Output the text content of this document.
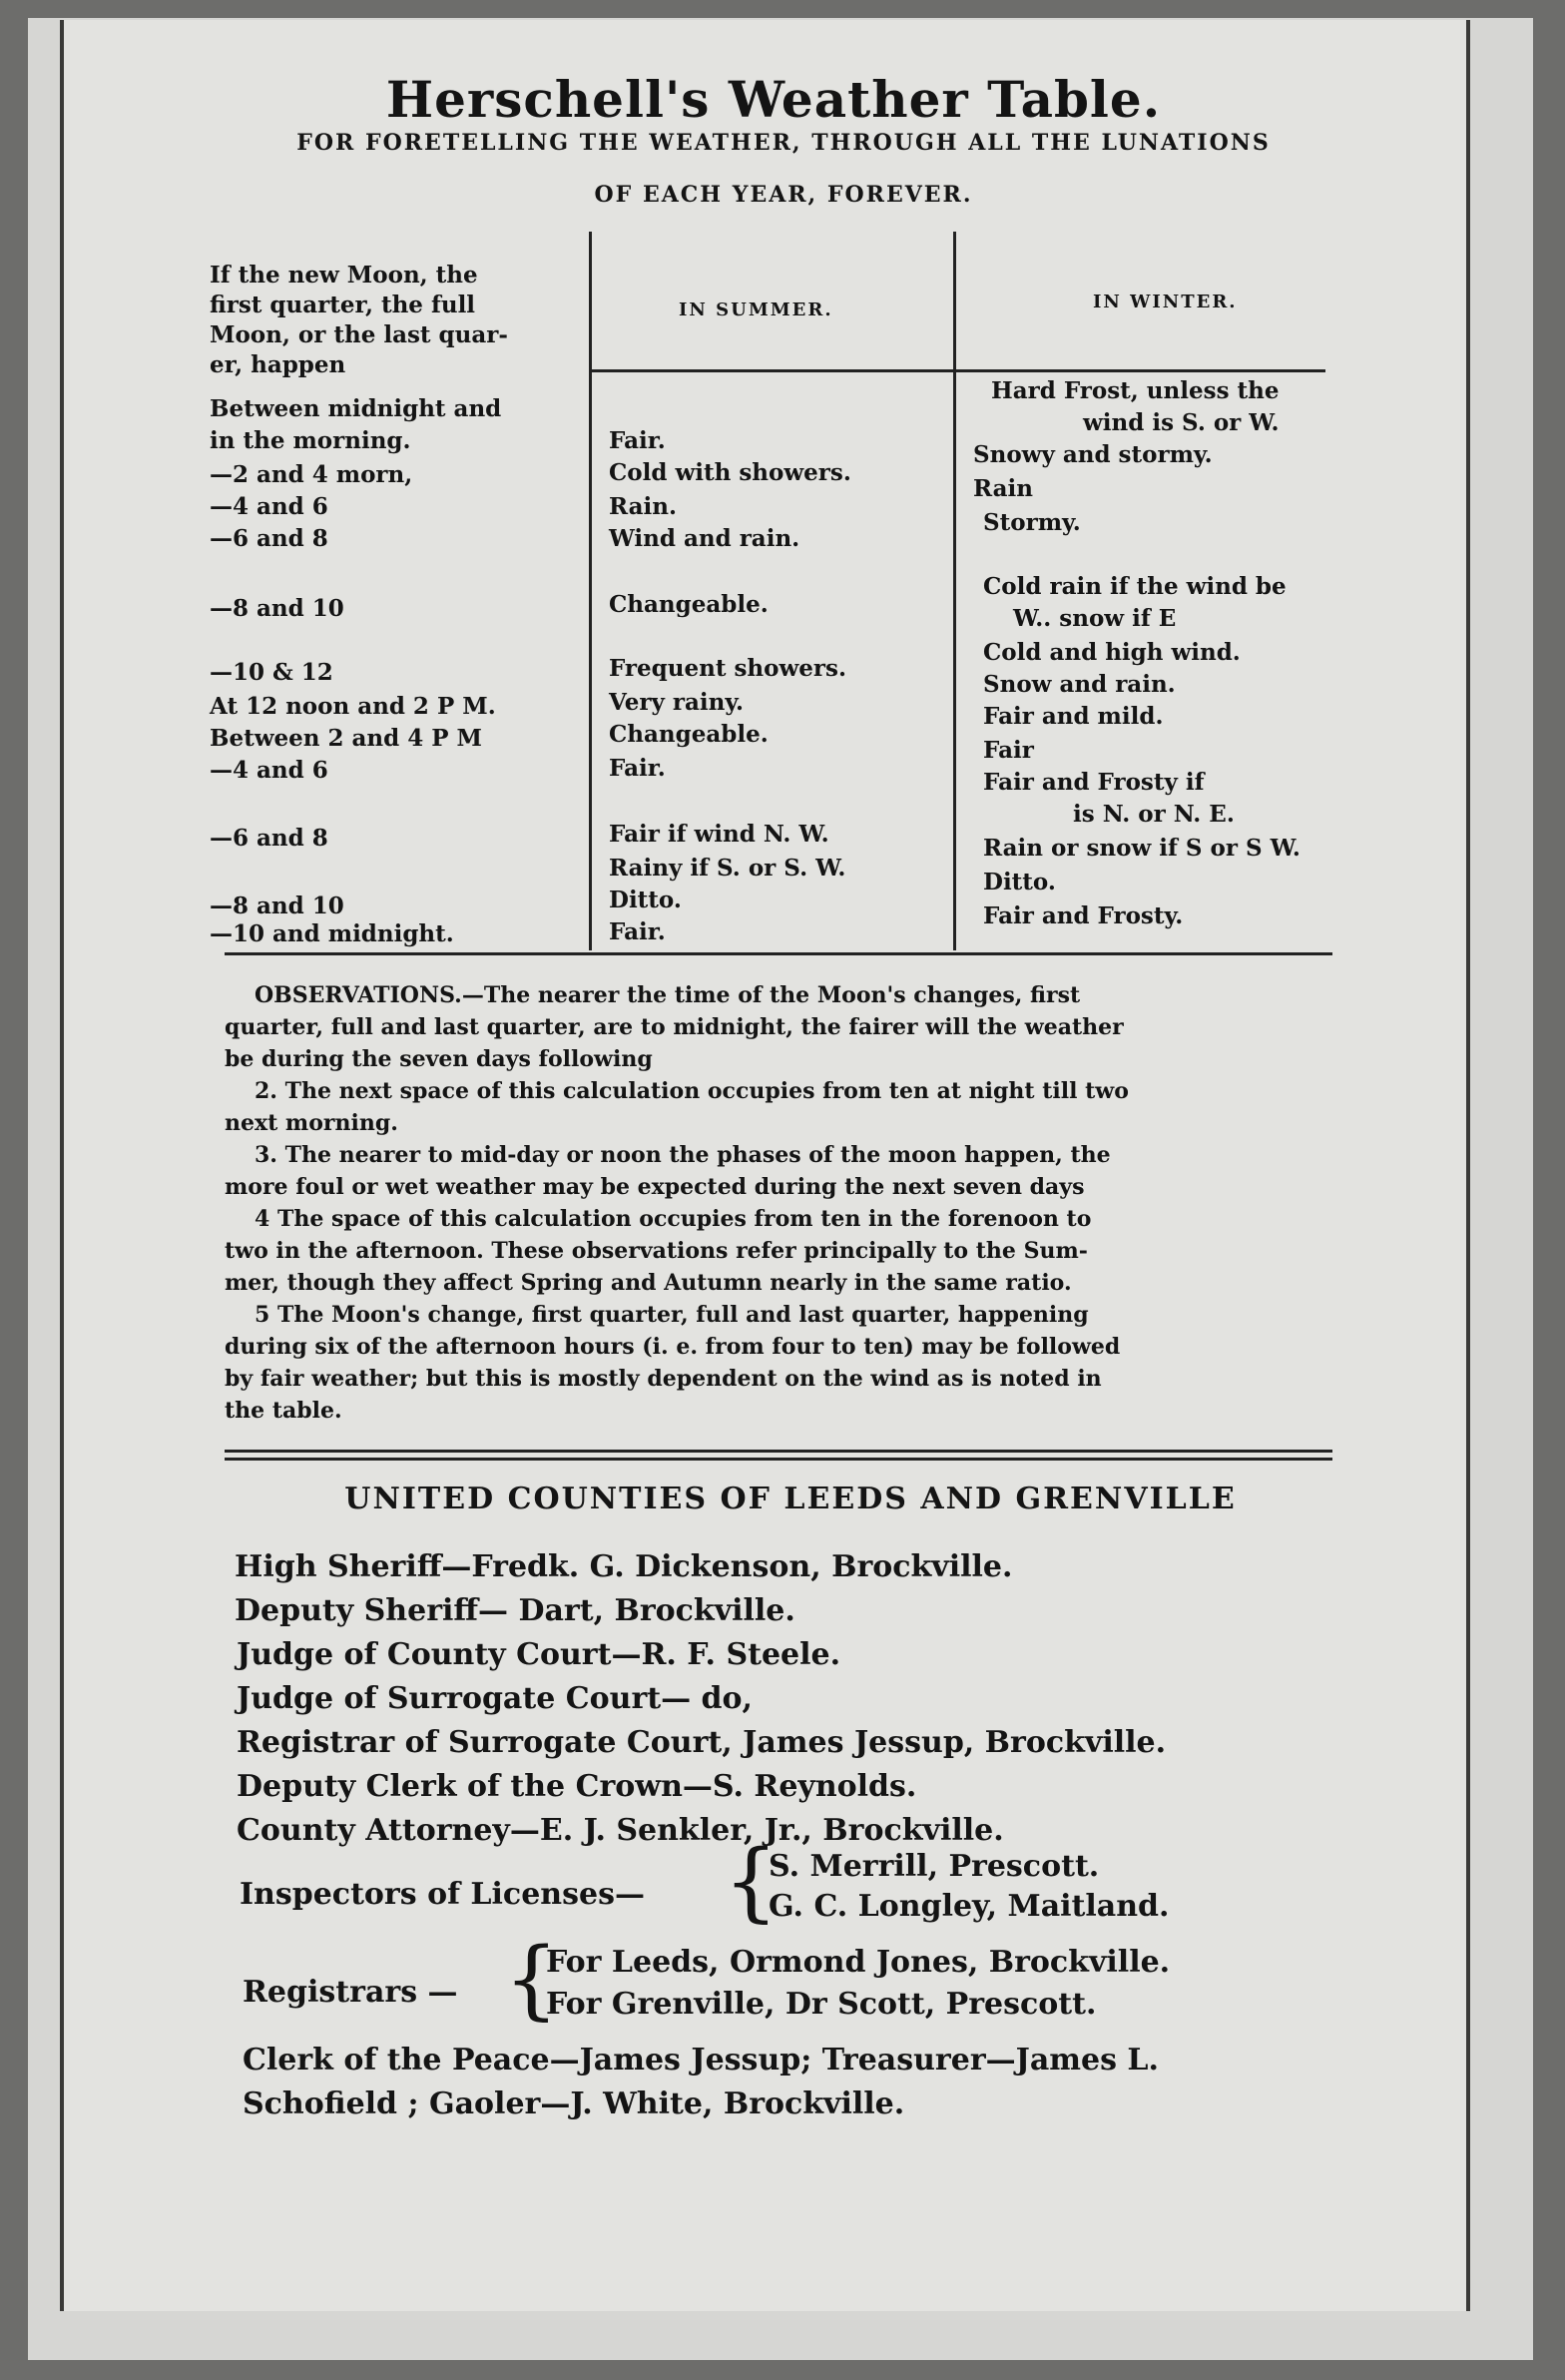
Herschell's Weather Table.
FOR FORETELLING THE WEATHER, THROUGH ALL THE LUNATIONS
OF EACH YEAR, FOREVER.
If the new Moon, the
first quarter, the full
Moon, or the last quar-
er, happen
IN SUMMER.	IN WINTER.
Between midnight and
in the morning.
—2 and 4 morn,
—4 and 6
—6 and 8
—8 and 10
—10 & 12
At 12 noon and 2 P M.
Between 2 and 4 P M
—4 and 6
—6 and 8
—8 and 10
—10 and midnight.
Fair.
Cold with showers.
Rain.
Wind and rain.
Changeable.
Frequent showers.
Very rainy.
Changeable.
Fair.
Fair if wind N. W.
Rainy if S. or S. W.
Ditto.
Fair.
Hard Frost, unless the
wind is S. or W.
Snowy and stormy.
Rain
Stormy.
Cold rain if the wind be
W.. snow if E
Cold and high wind.
Snow and rain.
Fair and mild.
Fair
Fair and Frosty if
is N. or N. E.
Rain or snow if S or S W.
Ditto.
Fair and Frosty.
OBSERVATIONS.—The nearer the time of the Moon's changes, first
quarter, full and last quarter, are to midnight, the fairer will the weather
be during the seven days following
2. The next space of this calculation occupies from ten at night till two
next morning.
3. The nearer to mid-day or noon the phases of the moon happen, the
more foul or wet weather may be expected during the next seven days
4 The space of this calculation occupies from ten in the forenoon to
two in the afternoon. These observations refer principally to the Sum-
mer, though they affect Spring and Autumn nearly in the same ratio.
5 The Moon's change, first quarter, full and last quarter, happening
during six of the afternoon hours (i. e. from four to ten) may be followed
by fair weather; but this is mostly dependent on the wind as is noted in
the table.
UNITED COUNTIES OF LEEDS AND GRENVILLE
High Sheriff—Fredk. G. Dickenson, Brockville.
Deputy Sheriff— Dart, Brockville.
Judge of County Court—R. F. Steele.
Judge of Surrogate Court— do,
Registrar of Surrogate Court, James Jessup, Brockville.
Deputy Clerk of the Crown—S. Reynolds.
County Attorney—E. J. Senkler, Jr., Brockville.
Inspectors of Licenses— {
S. Merrill, Prescott.
G. C. Longley, Maitland.
Registrars — {
For Leeds, Ormond Jones, Brockville.
For Grenville, Dr Scott, Prescott.
Clerk of the Peace—James Jessup; Treasurer—James L.
Schofield ; Gaoler—J. White, Brockville.
